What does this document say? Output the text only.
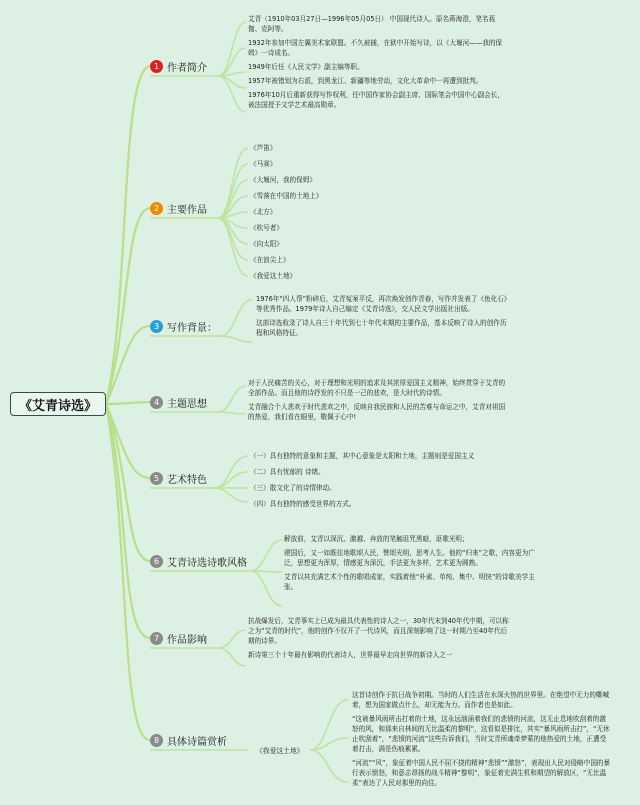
《艾青诗选》
1 作者简介
2 主要作品
3 写作背景：
4 主题思想
5 艺术特色
6 艾青诗选诗歌风格
7 作品影响
8 具体诗篇赏析

艾青（1910年03月27日—1996年05月05日） 中国现代诗人。原名蒋海澄，笔名莪伽、克阿等。

1932年参加中国左翼美术家联盟。不久被捕，在狱中开始写诗，以《大堰河——我的保姆》一诗成名。

1949年后任《人民文学》副主编等职。

1957年被错划为右派，到黑龙江、新疆等地劳动，文化大革命中一再遭到批判。

1976年10月后重新获得写作权利，任中国作家协会副主席、国际笔会中国中心副会长，被法国授予文学艺术最高勋章。

《芦笛》
《马赛》
《大堰河，我的保姆》
《雪落在中国的土地上》
《北方》
《吹号者》
《向太阳》
《在浪尖上》
《我爱这土地》

1976年“四人帮”粉碎后，艾青冤案平反，再次焕发创作青春，写作并发表了《鱼化石》等优秀作品。1979年诗人自己编定《艾青诗选》，交人民文学出版社出版。

这部诗选收录了诗人自三十年代到七十年代末期的主要作品，基本反映了诗人的创作历程和风格特征。

对于人民痛苦的关心，对于理想和光明的追求及其浓厚爱国主义精神，始终贯穿于艾青的全部作品。而且他的诗抒发的不只是一己的悲欢，是大时代的诗情。

艾青融合个人悲欢于时代悲欢之中，反映自我民族和人民的苦难与命运之中，艾青对祖国的热爱，我们看在眼里，敬佩于心中!

（一）具有独特的意象和主题，其中心意象是太阳和土地，主题则是爱国主义
（二）具有忧郁的 诗绪。
（三）散文化了的诗情律动。
（四）具有独特的感受世界的方式。

解放前，艾青以深沉、激越、奔放的笔触诅咒黑暗，讴歌光明；

建国后，又一如既往地歌颂人民，赞颂光明，思考人生。他的“归来”之歌，内容更为广泛，思想更为浑厚，情感更为深沉，手法更为多样，艺术更为圆熟。

艾青以其充满艺术个性的歌唱成家，实践着他“朴素、单纯、集中、明快”的诗歌美学主张。

抗战爆发后，艾青事实上已成为最具代表性的诗人之一，30年代末到40年代中期，可以称之为“艾青的时代”，他的创作不仅开了一代诗风，而且深刻影响了这一时期乃至40年代后期的诗界。

新诗第三个十年最有影响的代表诗人，世界最早走向世界的新诗人之一

《我爱这土地》

这首诗创作于抗日战争初期。当时的人们生活在水深火热的世界里。在绝望中无力的嘶喊着，想为国家做点什么，却无能为力。而作者也是如此。

“这被暴风雨所击打着的土地，这永远汹涌着我们的悲愤的河流，这无止息地吹刮着的激怒的风，和那来自林间的无比温柔的黎明”，这看似是排比，其实“暴风雨所击打”，“无休止吹刮着”，“悲愤的河流”这些告诉我们，当时艾青所魂牵梦萦的他热爱的土地，正遭受着打击，满是伤痕累累。

“河流”“风”，象征着中国人民不屈不挠的精神“悲愤”“激怒”，表现出人民对侵略中国的暴行表示愤怒，和意志昂扬的战斗精神“黎明”，象征着充满生机和期望的解放区，“无比温柔”表达了人民对那里的向往。
